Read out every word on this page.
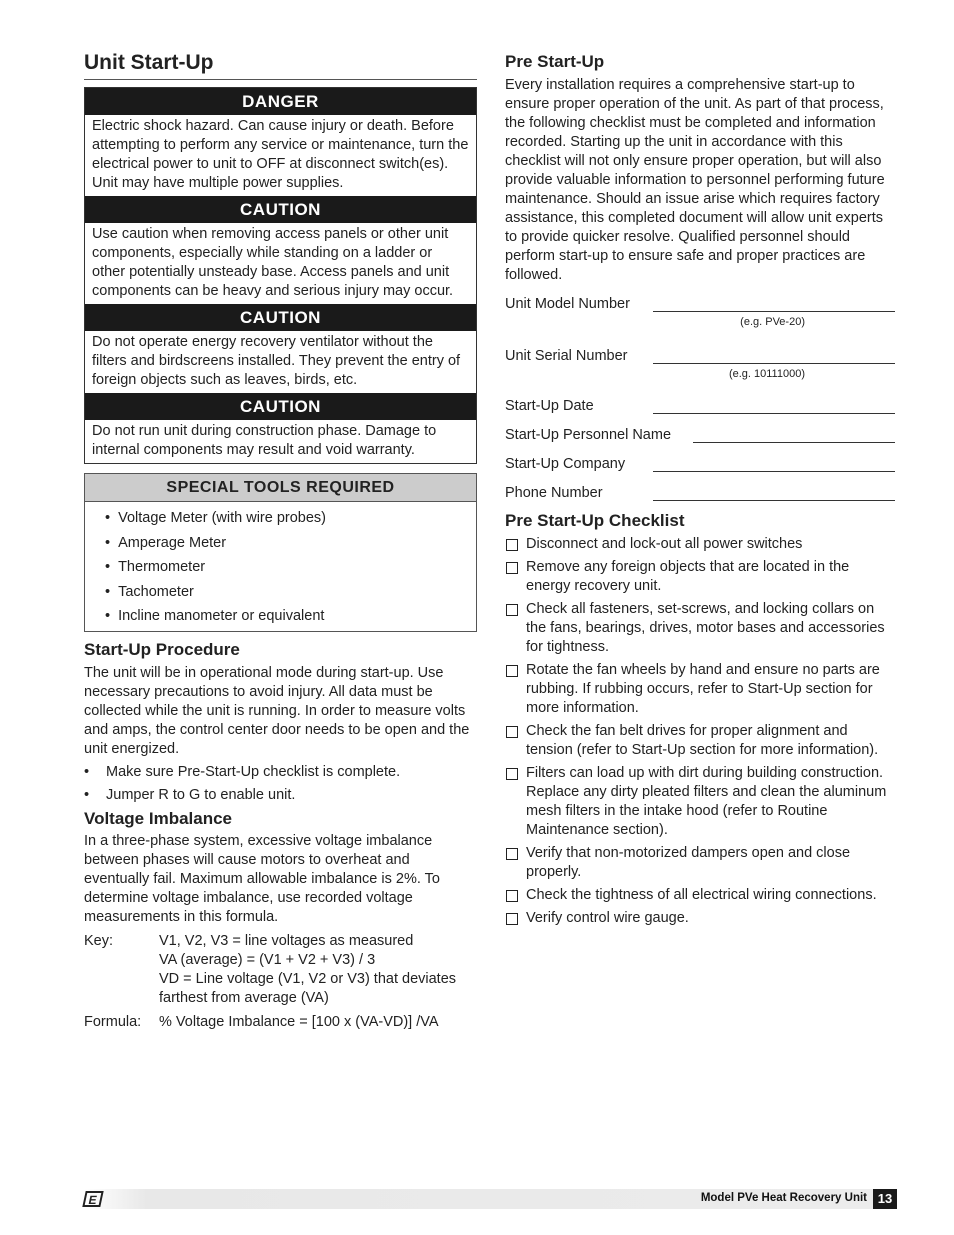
Unit Start-Up
DANGER
Electric shock hazard. Can cause injury or death. Before attempting to perform any service or maintenance, turn the electrical power to unit to OFF at disconnect switch(es). Unit may have multiple power supplies.
CAUTION
Use caution when removing access panels or other unit components, especially while standing on a ladder or other potentially unsteady base. Access panels and unit components can be heavy and serious injury may occur.
CAUTION
Do not operate energy recovery ventilator without the filters and birdscreens installed. They prevent the entry of foreign objects such as leaves, birds, etc.
CAUTION
Do not run unit during construction phase. Damage to internal components may result and void warranty.
SPECIAL TOOLS REQUIRED
• Voltage Meter (with wire probes)
• Amperage Meter
• Thermometer
• Tachometer
• Incline manometer or equivalent
Start-Up Procedure

The unit will be in operational mode during start-up. Use necessary precautions to avoid injury. All data must be collected while the unit is running. In order to measure volts and amps, the control center door needs to be open and the unit energized.

•	Make sure Pre-Start-Up checklist is complete.
•	Jumper R to G to enable unit.
Voltage Imbalance

In a three-phase system, excessive voltage imbalance between phases will cause motors to overheat and eventually fail. Maximum allowable imbalance is 2%. To determine voltage imbalance, use recorded voltage measurements in this formula.

Key:	V1, V2, V3 = line voltages as measured
VA (average) = (V1 + V2 + V3) / 3
VD = Line voltage (V1, V2 or V3) that deviates farthest from average (VA)
Formula:	% Voltage Imbalance = [100 x (VA-VD)] /VA
Pre Start-Up

Every installation requires a comprehensive start-up to ensure proper operation of the unit. As part of that process, the following checklist must be completed and information recorded. Starting up the unit in accordance with this checklist will not only ensure proper operation, but will also provide valuable information to personnel performing future maintenance. Should an issue arise which requires factory assistance, this completed document will allow unit experts to provide quicker resolve. Qualified personnel should perform start-up to ensure safe and proper practices are followed.

Unit Model Number
(e.g. PVe-20)
Unit Serial Number
(e.g. 10111000)
Start-Up Date
Start-Up Personnel Name
Start-Up Company
Phone Number
Pre Start-Up Checklist
Disconnect and lock-out all power switches
Remove any foreign objects that are located in the energy recovery unit.
Check all fasteners, set-screws, and locking collars on the fans, bearings, drives, motor bases and accessories for tightness.
Rotate the fan wheels by hand and ensure no parts are rubbing. If rubbing occurs, refer to Start-Up section for more information.
Check the fan belt drives for proper alignment and tension (refer to Start-Up section for more information).
Filters can load up with dirt during building construction. Replace any dirty pleated filters and clean the aluminum mesh filters in the intake hood (refer to Routine Maintenance section).
Verify that non-motorized dampers open and close properly.
Check the tightness of all electrical wiring connections.
Verify control wire gauge.
E	Model PVe Heat Recovery Unit 13
